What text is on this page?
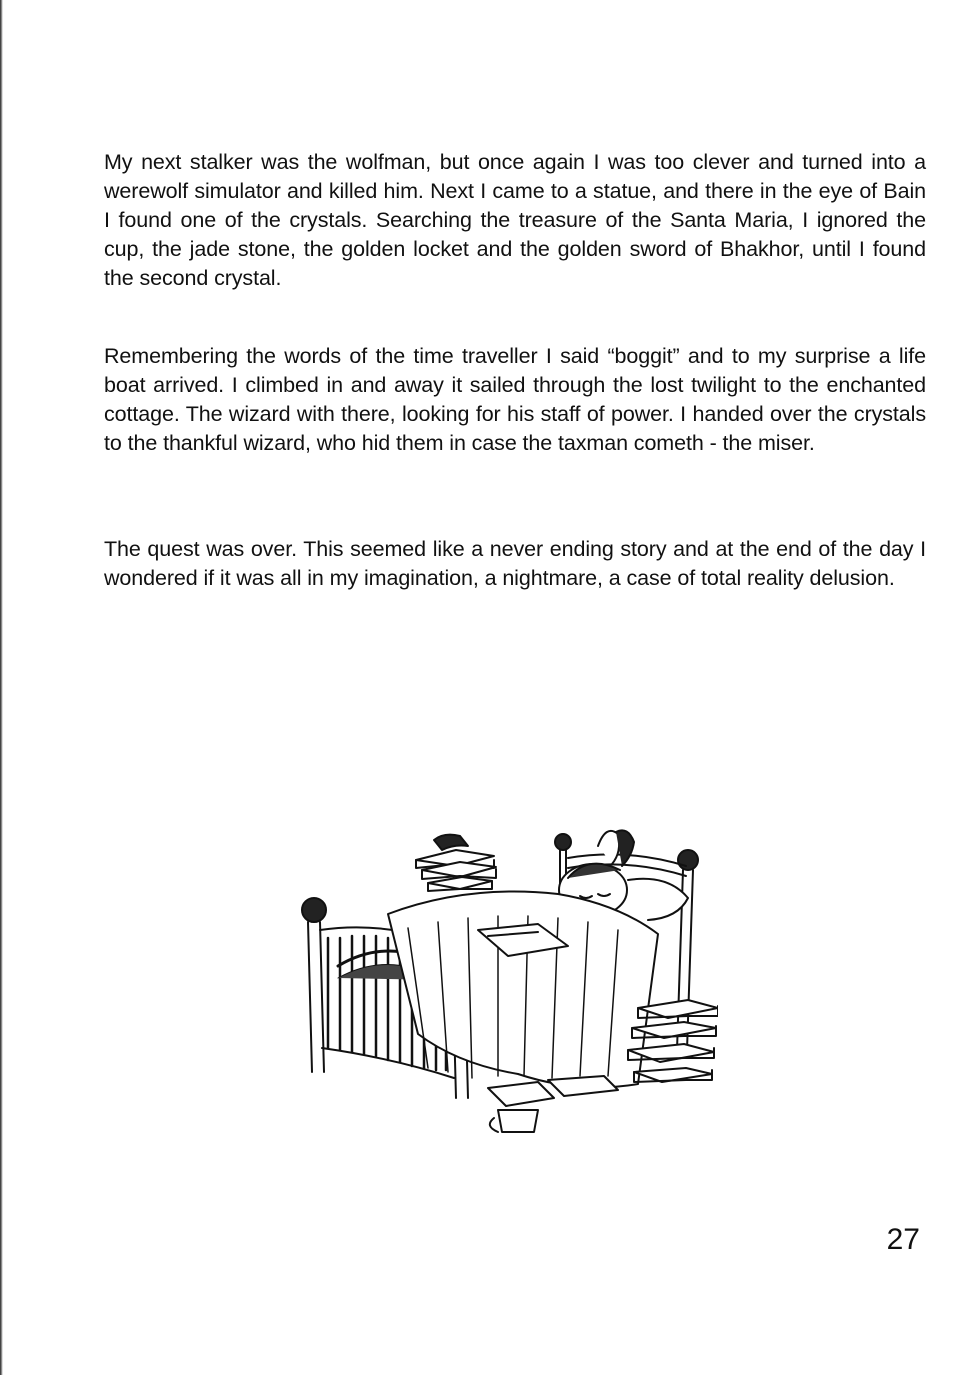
My next stalker was the wolfman, but once again I was too clever and turned into a werewolf simulator and killed him. Next I came to a statue, and there in the eye of Bain I found one of the crystals. Searching the treasure of the Santa Maria, I ignored the cup, the jade stone, the golden locket and the golden sword of Bhakhor, until I found the second crystal.

Remembering the words of the time traveller I said “boggit” and to my surprise a life boat arrived. I climbed in and away it sailed through the lost twilight to the enchanted cottage. The wizard with there, looking for his staff of power. I handed over the crystals to the thankful wizard, who hid them in case the taxman cometh - the miser.

The quest was over. This seemed like a never ending story and at the end of the day I wondered if it was all in my imagination, a nightmare, a case of total reality delusion.

27
